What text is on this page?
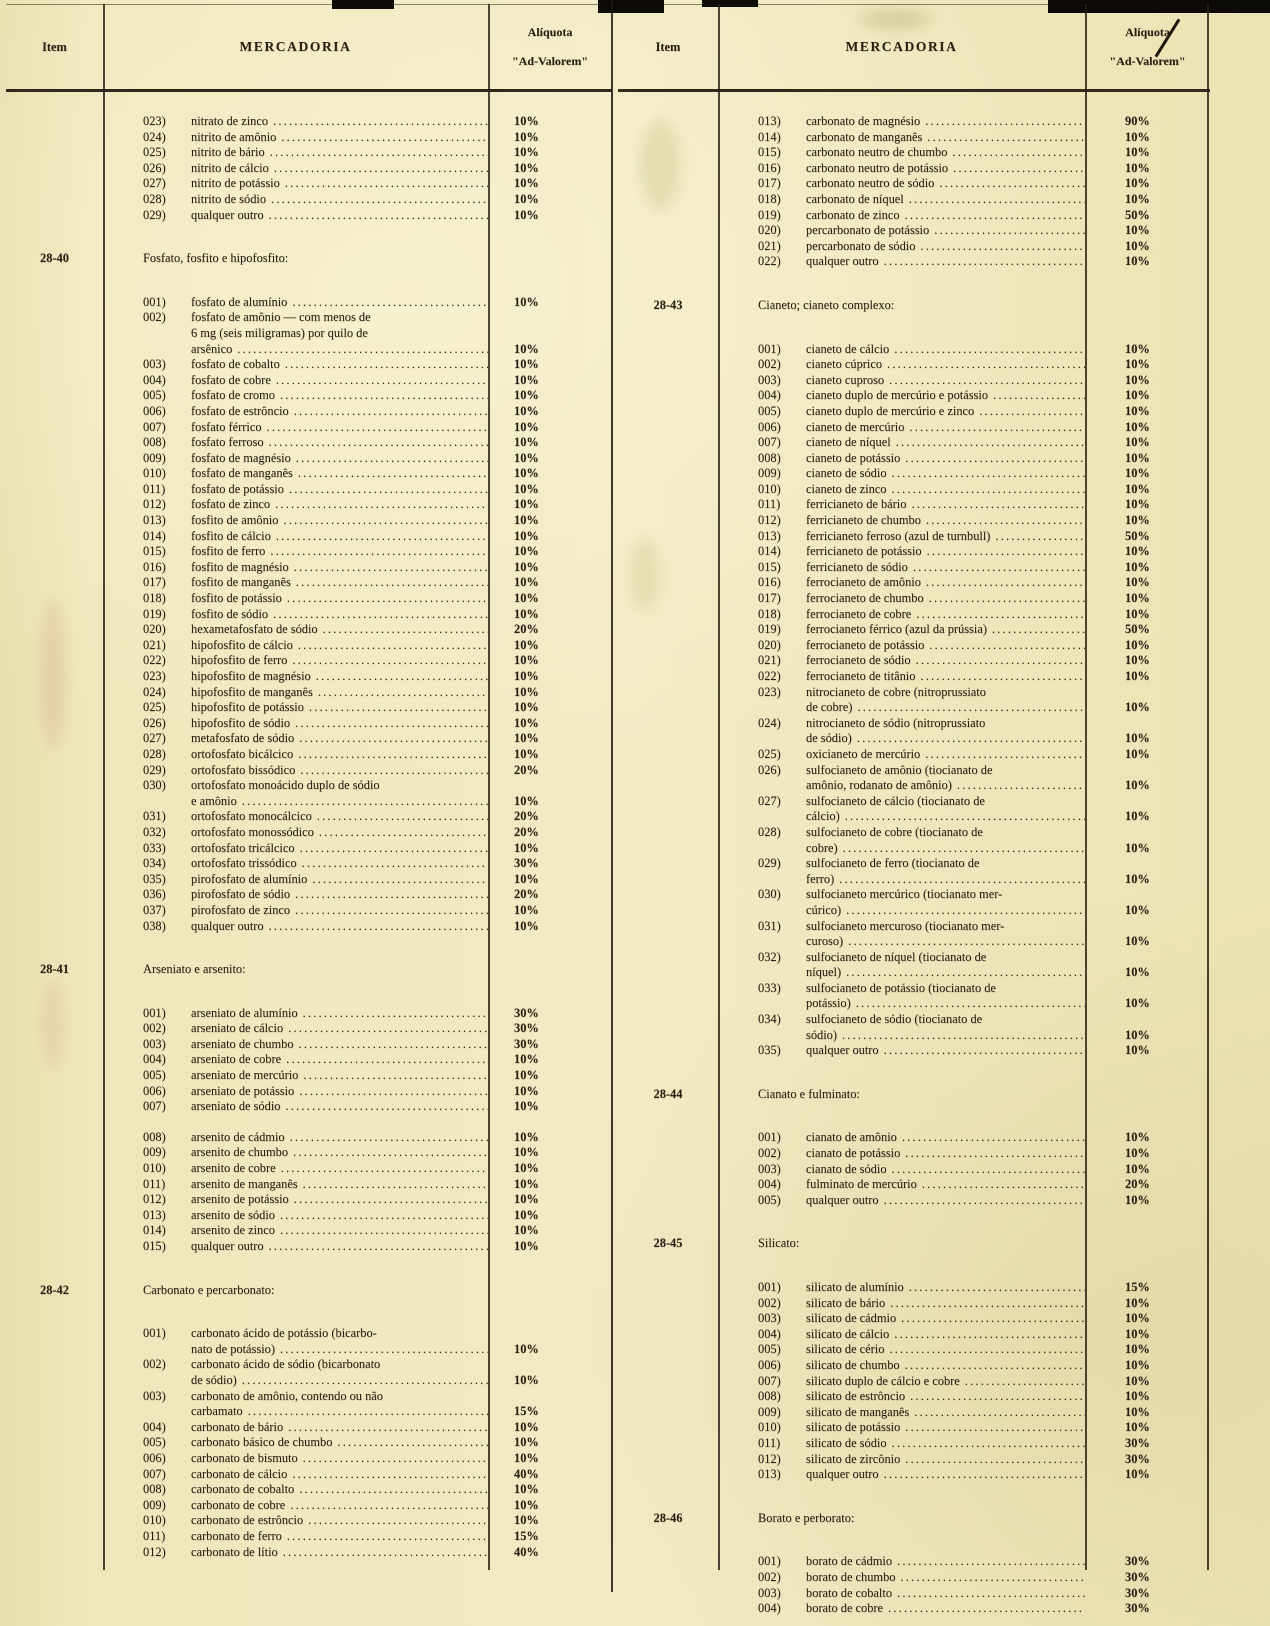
Item	MERCADORIA
Alíquota
"Ad-Valorem"
023)	nitrato de zinco .....	10%
024)	nitrito de amônio .....	10%
025)	nitrito de bário .....	10%
026)	nitrito de cálcio .....	10%
027)	nitrito de potássio .....	10%
028)	nitrito de sódio .....	10%
029)	qualquer outro .....	10%
28-40	Fosfato, fosfito e hipofosfito:
001)	fosfato de alumínio .....	10%
002)	fosfato de amônio — com menos de
6 mg (seis miligramas) por quilo de
arsênico .....	10%
003)	fosfato de cobalto .....	10%
004)	fosfato de cobre .....	10%
005)	fosfato de cromo .....	10%
006)	fosfato de estrôncio .....	10%
007)	fosfato férrico .....	10%
008)	fosfato ferroso .....	10%
009)	fosfato de magnésio .....	10%
010)	fosfato de manganês .....	10%
011)	fosfato de potássio .....	10%
012)	fosfato de zinco .....	10%
013)	fosfito de amônio .....	10%
014)	fosfito de cálcio .....	10%
015)	fosfito de ferro .....	10%
016)	fosfito de magnésio .....	10%
017)	fosfito de manganês .....	10%
018)	fosfito de potássio .....	10%
019)	fosfito de sódio .....	10%
020)	hexametafosfato de sódio .....	20%
021)	hipofosfito de cálcio .....	10%
022)	hipofosfito de ferro .....	10%
023)	hipofosfito de magnésio .....	10%
024)	hipofosfito de manganês .....	10%
025)	hipofosfito de potássio .....	10%
026)	hipofosfito de sódio .....	10%
027)	metafosfato de sódio .....	10%
028)	ortofosfato bicálcico .....	10%
029)	ortofosfato bissódico .....	20%
030)	ortofosfato monoácido duplo de sódio
e amônio .....	10%
031)	ortofosfato monocálcico .....	20%
032)	ortofosfato monossódico .....	20%
033)	ortofosfato tricálcico .....	10%
034)	ortofosfato trissódico .....	30%
035)	pirofosfato de alumínio .....	10%
036)	pirofosfato de sódio .....	20%
037)	pirofosfato de zinco .....	10%
038)	qualquer outro .....	10%
28-41	Arseniato e arsenito:
001)	arseniato de alumínio .....	30%
002)	arseniato de cálcio .....	30%
003)	arseniato de chumbo .....	30%
004)	arseniato de cobre .....	10%
005)	arseniato de mercúrio .....	10%
006)	arseniato de potássio .....	10%
007)	arseniato de sódio .....	10%
008)	arsenito de cádmio .....	10%
009)	arsenito de chumbo .....	10%
010)	arsenito de cobre .....	10%
011)	arsenito de manganês .....	10%
012)	arsenito de potássio .....	10%
013)	arsenito de sódio .....	10%
014)	arsenito de zinco .....	10%
015)	qualquer outro .....	10%
28-42	Carbonato e percarbonato:
001)	carbonato ácido de potássio (bicarbo-
nato de potássio) .....	10%
002)	carbonato ácido de sódio (bicarbonato
de sódio) .....	10%
003)	carbonato de amônio, contendo ou não
carbamato .....	15%
004)	carbonato de bário .....	10%
005)	carbonato básico de chumbo .....	10%
006)	carbonato de bismuto .....	10%
007)	carbonato de cálcio .....	40%
008)	carbonato de cobalto .....	10%
009)	carbonato de cobre .....	10%
010)	carbonato de estrôncio .....	10%
011)	carbonato de ferro .....	15%
012)	carbonato de lítio .....	40%
Item	MERCADORIA
Alíquota
"Ad-Valorem"
013)	carbonato de magnésio .....	90%
014)	carbonato de manganês .....	10%
015)	carbonato neutro de chumbo .....	10%
016)	carbonato neutro de potássio .....	10%
017)	carbonato neutro de sódio .....	10%
018)	carbonato de níquel .....	10%
019)	carbonato de zinco .....	50%
020)	percarbonato de potássio .....	10%
021)	percarbonato de sódio .....	10%
022)	qualquer outro .....	10%
28-43	Cianeto; cianeto complexo:
001)	cianeto de cálcio .....	10%
002)	cianeto cúprico .....	10%
003)	cianeto cuproso .....	10%
004)	cianeto duplo de mercúrio e potássio .....	10%
005)	cianeto duplo de mercúrio e zinco .....	10%
006)	cianeto de mercúrio .....	10%
007)	cianeto de níquel .....	10%
008)	cianeto de potássio .....	10%
009)	cianeto de sódio .....	10%
010)	cianeto de zinco .....	10%
011)	ferricianeto de bário .....	10%
012)	ferricianeto de chumbo .....	10%
013)	ferricianeto ferroso (azul de turnbull) .....	50%
014)	ferricianeto de potássio .....	10%
015)	ferricianeto de sódio .....	10%
016)	ferrocianeto de amônio .....	10%
017)	ferrocianeto de chumbo .....	10%
018)	ferrocianeto de cobre .....	10%
019)	ferrocianeto férrico (azul da prússia) .....	50%
020)	ferrocianeto de potássio .....	10%
021)	ferrocianeto de sódio .....	10%
022)	ferrocianeto de titânio .....	10%
023)	nitrocianeto de cobre (nitroprussiato
de cobre) .....	10%
024)	nitrocianeto de sódio (nitroprussiato
de sódio) .....	10%
025)	oxicianeto de mercúrio .....	10%
026)	sulfocianeto de amônio (tiocianato de
amônio, rodanato de amônio) .....	10%
027)	sulfocianeto de cálcio (tiocianato de
cálcio) .....	10%
028)	sulfocianeto de cobre (tiocianato de
cobre) .....	10%
029)	sulfocianeto de ferro (tiocianato de
ferro) .....	10%
030)	sulfocianeto mercúrico (tiocianato mer-
cúrico) .....	10%
031)	sulfocianeto mercuroso (tiocianato mer-
curoso) .....	10%
032)	sulfocianeto de níquel (tiocianato de
níquel) .....	10%
033)	sulfocianeto de potássio (tiocianato de
potássio) .....	10%
034)	sulfocianeto de sódio (tiocianato de
sódio) .....	10%
035)	qualquer outro .....	10%
28-44	Cianato e fulminato:
001)	cianato de amônio .....	10%
002)	cianato de potássio .....	10%
003)	cianato de sódio .....	10%
004)	fulminato de mercúrio .....	20%
005)	qualquer outro .....	10%
28-45	Silicato:
001)	silicato de alumínio .....	15%
002)	silicato de bário .....	10%
003)	silicato de cádmio .....	10%
004)	silicato de cálcio .....	10%
005)	silicato de cério .....	10%
006)	silicato de chumbo .....	10%
007)	silicato duplo de cálcio e cobre .....	10%
008)	silicato de estrôncio .....	10%
009)	silicato de manganês .....	10%
010)	silicato de potássio .....	10%
011)	silicato de sódio .....	30%
012)	silicato de zircônio .....	30%
013)	qualquer outro .....	10%
28-46	Borato e perborato:
001)	borato de cádmio .....	30%
002)	borato de chumbo .....	30%
003)	borato de cobalto .....	30%
004)	borato de cobre .....	30%
